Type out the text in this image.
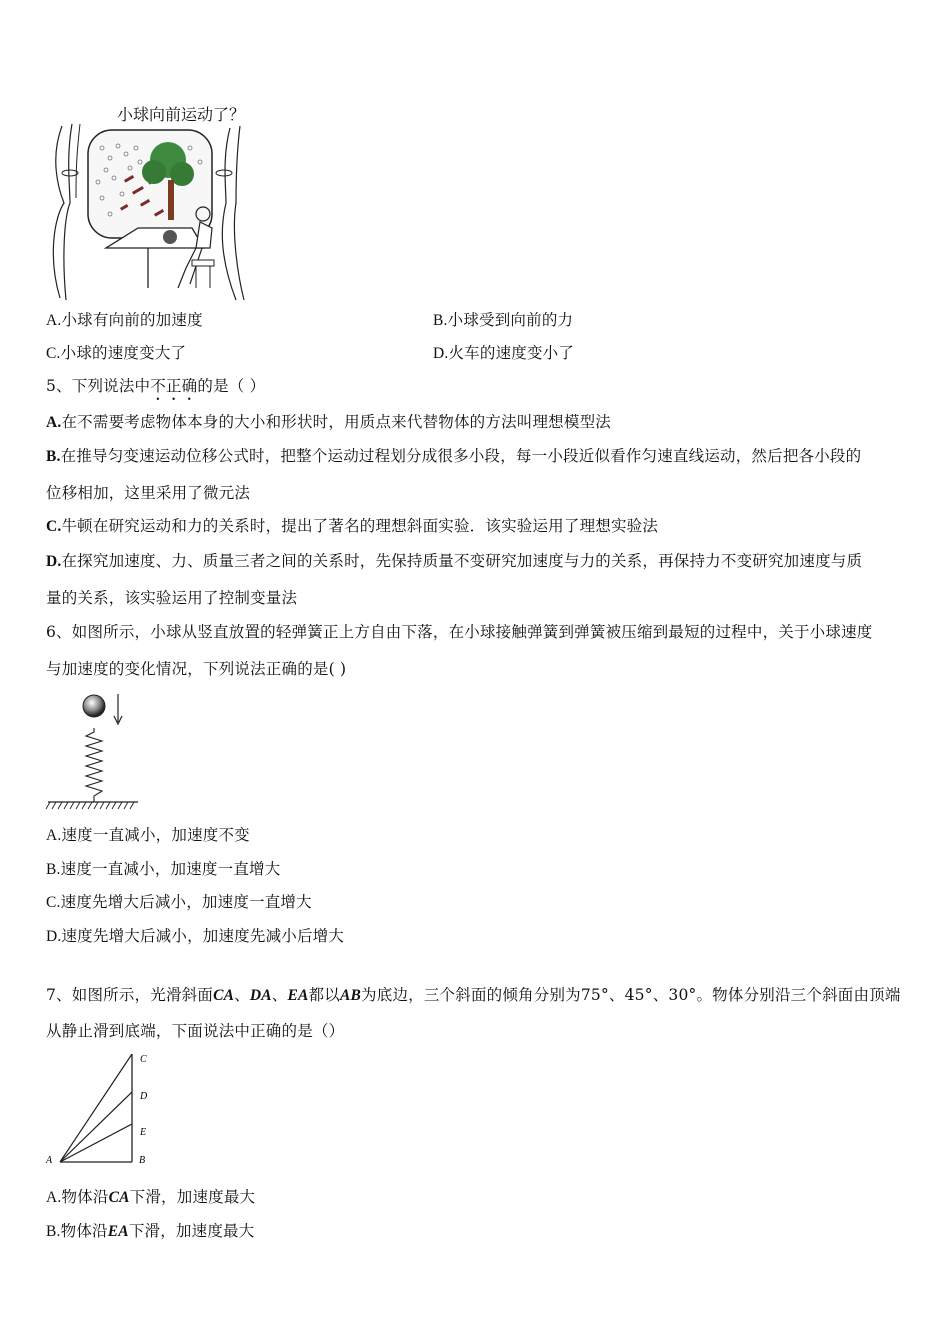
小球向前运动了？
A.小球有向前的加速度	B.小球受到向前的力
C.小球的速度变大了	D.火车的速度变小了
5、下列说法中不正确的是（ ）
A.在不需要考虑物体本身的大小和形状时，用质点来代替物体的方法叫理想模型法
B.在推导匀变速运动位移公式时，把整个运动过程划分成很多小段，每一小段近似看作匀速直线运动，然后把各小段的
位移相加，这里采用了微元法
C.牛顿在研究运动和力的关系时，提出了著名的理想斜面实验．该实验运用了理想实验法
D.在探究加速度、力、质量三者之间的关系时，先保持质量不变研究加速度与力的关系，再保持力不变研究加速度与质
量的关系，该实验运用了控制变量法
6、如图所示，小球从竖直放置的轻弹簧正上方自由下落，在小球接触弹簧到弹簧被压缩到最短的过程中，关于小球速度
与加速度的变化情况，下列说法正确的是( )
A.速度一直减小，加速度不变
B.速度一直减小，加速度一直增大
C.速度先增大后减小，加速度一直增大
D.速度先增大后减小，加速度先减小后增大
7、如图所示，光滑斜面CA、DA、EA都以AB为底边，三个斜面的倾角分别为75°、45°、30°。物体分别沿三个斜面由顶端
从静止滑到底端，下面说法中正确的是（）
A	B
C
D
E
A.物体沿CA下滑，加速度最大
B.物体沿EA下滑，加速度最大
